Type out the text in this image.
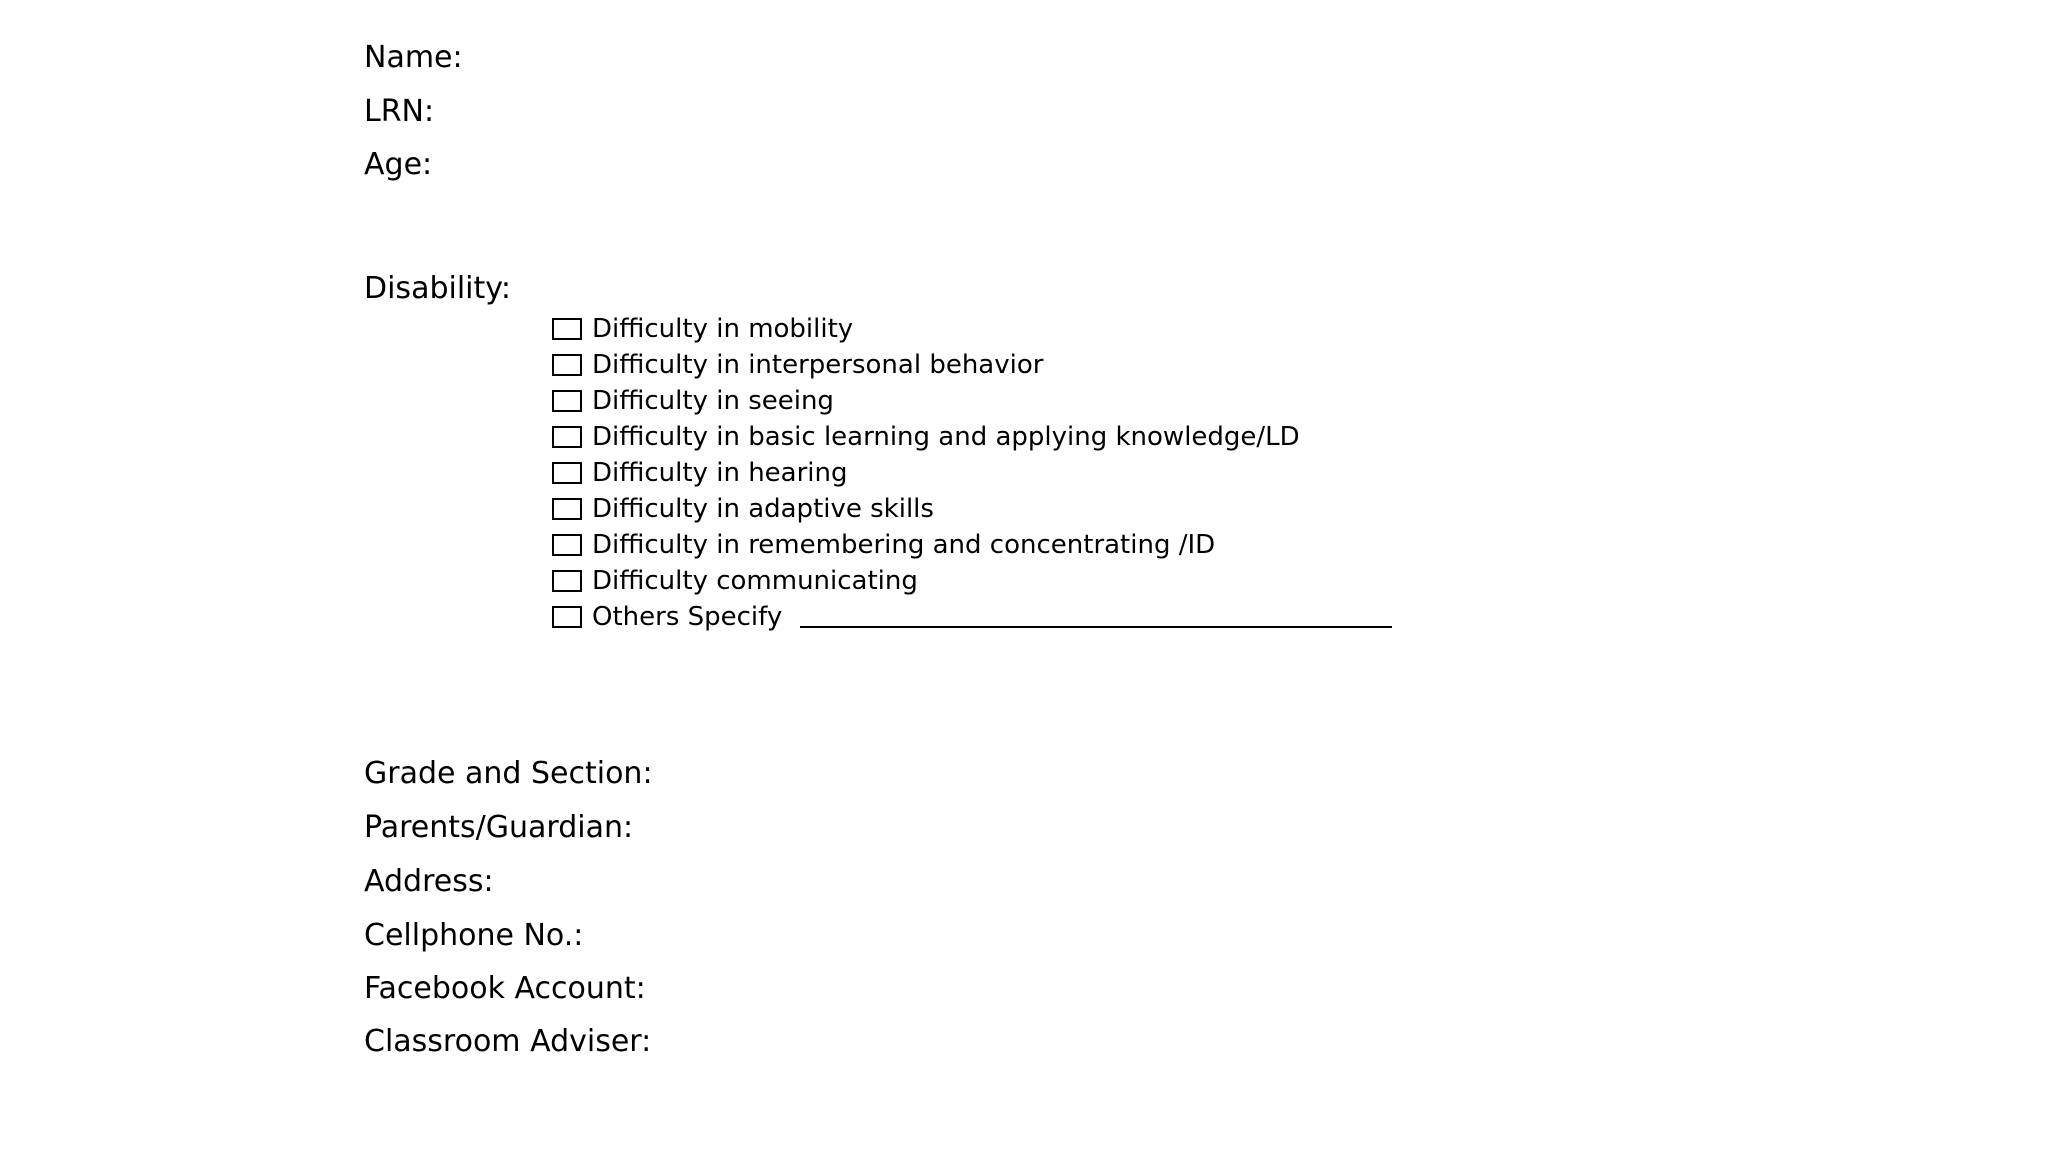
Name:
LRN:
Age:
Disability:
Difficulty in mobility
Difficulty in interpersonal behavior
Difficulty in seeing
Difficulty in basic learning and applying knowledge/LD
Difficulty in hearing
Difficulty in adaptive skills
Difficulty in remembering and concentrating /ID
Difficulty communicating
Others Specify
Grade and Section:
Parents/Guardian:
Address:
Cellphone No.:
Facebook Account:
Classroom Adviser:
